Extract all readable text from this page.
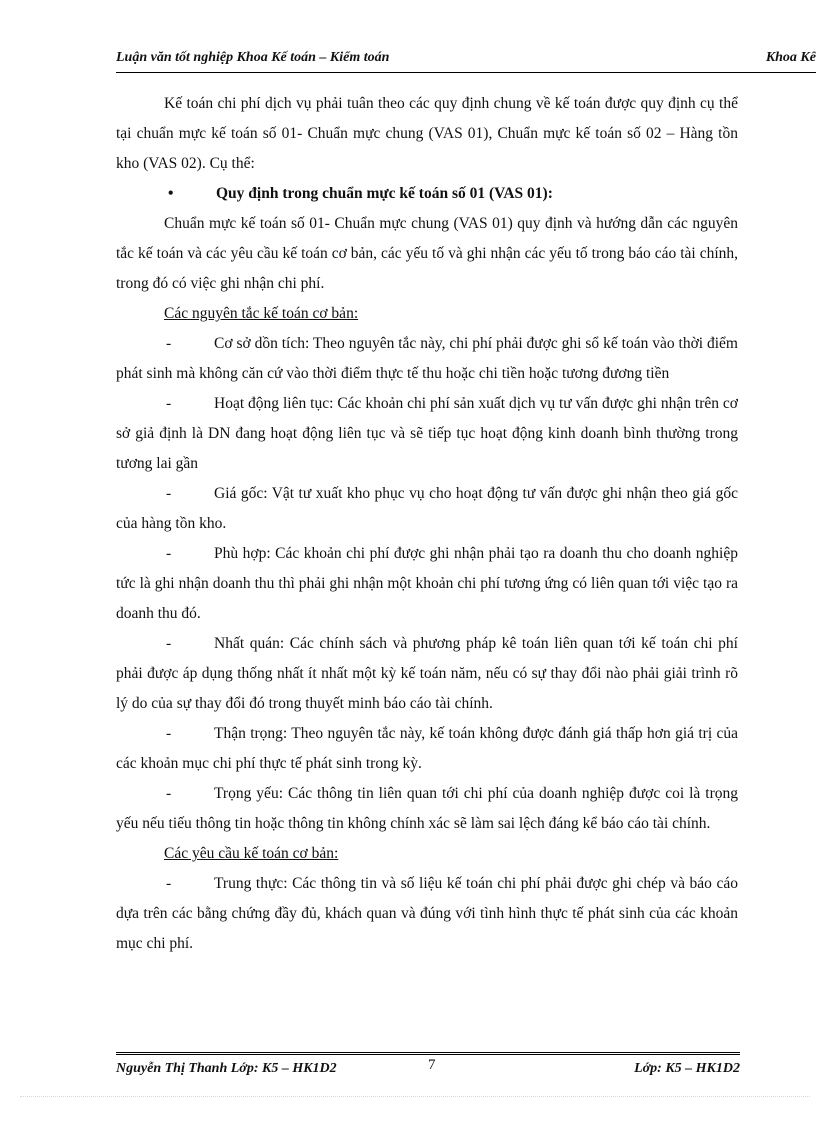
Luận văn tốt nghiệp Khoa Kế toán – Kiểm toán	Khoa Kế

Kế toán chi phí dịch vụ phải tuân theo các quy định chung về kế toán được quy định cụ thể tại chuẩn mực kế toán số 01- Chuẩn mực chung (VAS 01), Chuẩn mực kế toán số 02 – Hàng tồn kho (VAS 02). Cụ thể:

•	Quy định trong chuẩn mực kế toán số 01 (VAS 01):

Chuẩn mực kế toán số 01- Chuẩn mực chung (VAS 01) quy định và hướng dẫn các nguyên tắc kế toán và các yêu cầu kế toán cơ bản, các yếu tố và ghi nhận các yếu tố trong báo cáo tài chính, trong đó có việc ghi nhận chi phí.

Các nguyên tắc kế toán cơ bản:

-	Cơ sở dồn tích: Theo nguyên tắc này, chi phí phải được ghi sổ kế toán vào thời điểm phát sinh mà không căn cứ vào thời điểm thực tế thu hoặc chi tiền hoặc tương đương tiền

-	Hoạt động liên tục: Các khoản chi phí sản xuất dịch vụ tư vấn được ghi nhận trên cơ sở giả định là DN đang hoạt động liên tục và sẽ tiếp tục hoạt động kinh doanh bình thường trong tương lai gần

-	Giá gốc: Vật tư xuất kho phục vụ cho hoạt động tư vấn được ghi nhận theo giá gốc của hàng tồn kho.

-	Phù hợp: Các khoản chi phí được ghi nhận phải tạo ra doanh thu cho doanh nghiệp tức là ghi nhận doanh thu thì phải ghi nhận một khoản chi phí tương ứng có liên quan tới việc tạo ra doanh thu đó.

-	Nhất quán: Các chính sách và phương pháp kê toán liên quan tới kế toán chi phí phải được áp dụng thống nhất ít nhất một kỳ kế toán năm, nếu có sự thay đổi nào phải giải trình rõ lý do của sự thay đổi đó trong thuyết minh báo cáo tài chính.

-	Thận trọng: Theo nguyên tắc này, kế toán không được đánh giá thấp hơn giá trị của các khoản mục chi phí thực tế phát sinh trong kỳ.

-	Trọng yếu: Các thông tin liên quan tới chi phí của doanh nghiệp được coi là trọng yếu nếu tiếu thông tin hoặc thông tin không chính xác sẽ làm sai lệch đáng kể báo cáo tài chính.

Các yêu cầu kế toán cơ bản:

-	Trung thực: Các thông tin và số liệu kế toán chi phí phải được ghi chép và báo cáo dựa trên các bằng chứng đầy đủ, khách quan và đúng với tình hình thực tế phát sinh của các khoản mục chi phí.

Nguyễn Thị Thanh Lớp: K5 – HK1D2	7	Lớp: K5 – HK1D2
